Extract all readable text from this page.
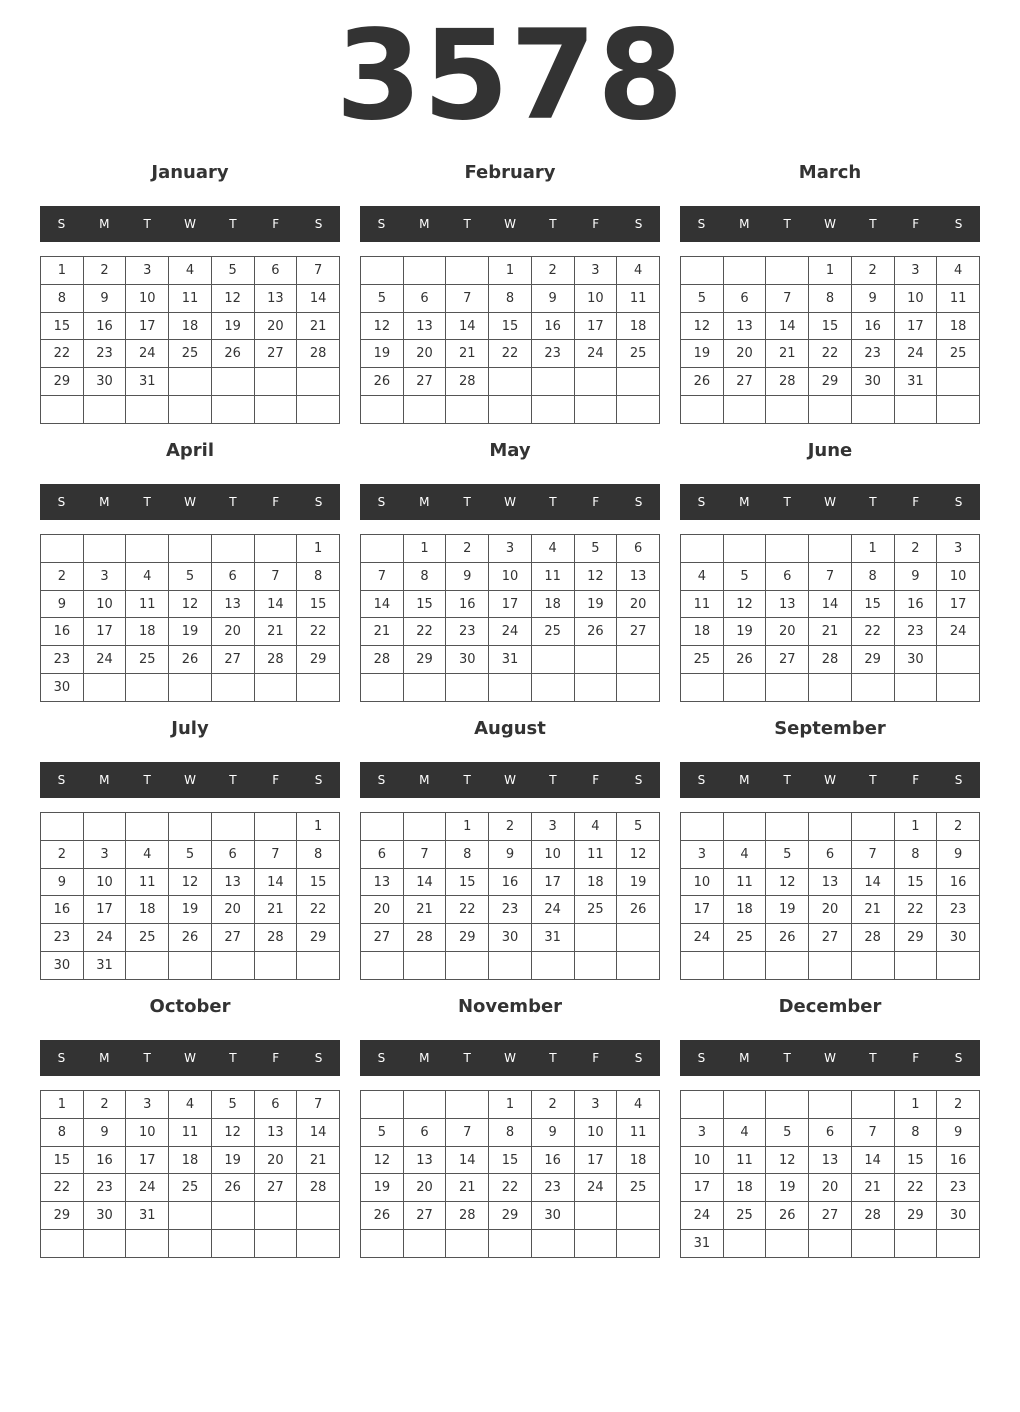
3578
January
S	M	T	W	T	F	S
1	2	3	4	5	6	7
8	9	10	11	12	13	14
15	16	17	18	19	20	21
22	23	24	25	26	27	28
29	30	31				

February
S	M	T	W	T	F	S
			1	2	3	4
5	6	7	8	9	10	11
12	13	14	15	16	17	18
19	20	21	22	23	24	25
26	27	28				

March
S	M	T	W	T	F	S
			1	2	3	4
5	6	7	8	9	10	11
12	13	14	15	16	17	18
19	20	21	22	23	24	25
26	27	28	29	30	31	

April
S	M	T	W	T	F	S
						1
2	3	4	5	6	7	8
9	10	11	12	13	14	15
16	17	18	19	20	21	22
23	24	25	26	27	28	29
30						
May
S	M	T	W	T	F	S
	1	2	3	4	5	6
7	8	9	10	11	12	13
14	15	16	17	18	19	20
21	22	23	24	25	26	27
28	29	30	31			

June
S	M	T	W	T	F	S
				1	2	3
4	5	6	7	8	9	10
11	12	13	14	15	16	17
18	19	20	21	22	23	24
25	26	27	28	29	30	

July
S	M	T	W	T	F	S
						1
2	3	4	5	6	7	8
9	10	11	12	13	14	15
16	17	18	19	20	21	22
23	24	25	26	27	28	29
30	31					
August
S	M	T	W	T	F	S
		1	2	3	4	5
6	7	8	9	10	11	12
13	14	15	16	17	18	19
20	21	22	23	24	25	26
27	28	29	30	31		

September
S	M	T	W	T	F	S
					1	2
3	4	5	6	7	8	9
10	11	12	13	14	15	16
17	18	19	20	21	22	23
24	25	26	27	28	29	30

October
S	M	T	W	T	F	S
1	2	3	4	5	6	7
8	9	10	11	12	13	14
15	16	17	18	19	20	21
22	23	24	25	26	27	28
29	30	31				

November
S	M	T	W	T	F	S
			1	2	3	4
5	6	7	8	9	10	11
12	13	14	15	16	17	18
19	20	21	22	23	24	25
26	27	28	29	30		

December
S	M	T	W	T	F	S
					1	2
3	4	5	6	7	8	9
10	11	12	13	14	15	16
17	18	19	20	21	22	23
24	25	26	27	28	29	30
31						
